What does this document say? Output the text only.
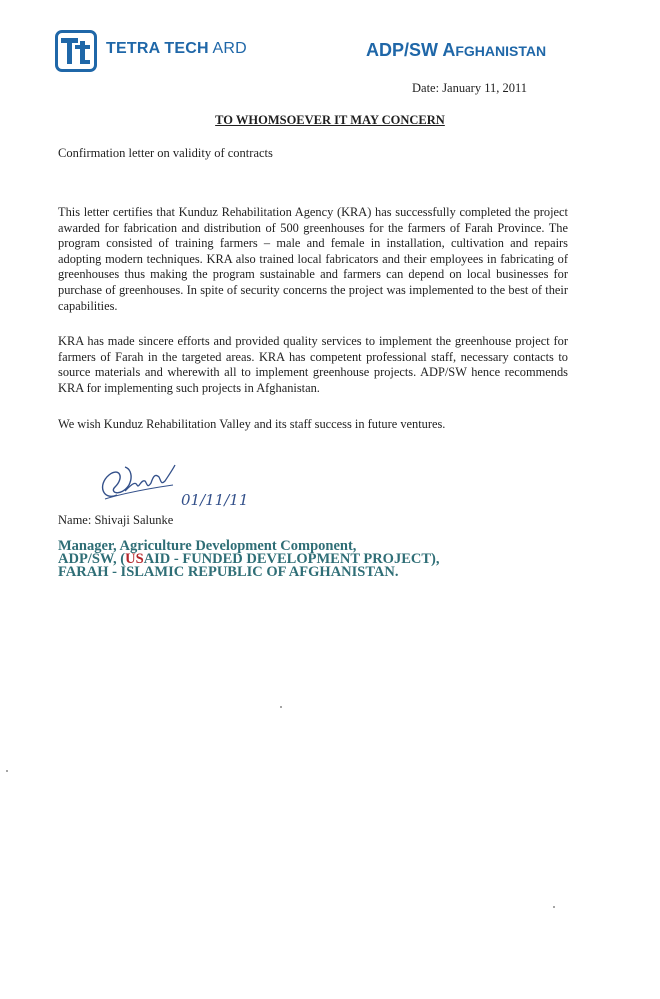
TETRA TECH ARD	ADP/SW AFGHANISTAN
Date: January 11, 2011
TO WHOMSOEVER IT MAY CONCERN
Confirmation letter on validity of contracts

This letter certifies that Kunduz Rehabilitation Agency (KRA) has successfully completed the project awarded for fabrication and distribution of 500 greenhouses for the farmers of Farah Province. The program consisted of training farmers – male and female in installation, cultivation and repairs adopting modern techniques. KRA also trained local fabricators and their employees in fabricating of greenhouses thus making the program sustainable and farmers can depend on local businesses for purchase of greenhouses. In spite of security concerns the project was implemented to the best of their capabilities.

KRA has made sincere efforts and provided quality services to implement the greenhouse project for farmers of Farah in the targeted areas. KRA has competent professional staff, necessary contacts to source materials and wherewith all to implement greenhouse projects. ADP/SW hence recommends KRA for implementing such projects in Afghanistan.

We wish Kunduz Rehabilitation Valley and its staff success in future ventures.

01/11/11
Name: Shivaji Salunke
Manager, Agriculture Development Component,
ADP/SW, (USAID - FUNDED DEVELOPMENT PROJECT),
FARAH - ISLAMIC REPUBLIC OF AFGHANISTAN.
